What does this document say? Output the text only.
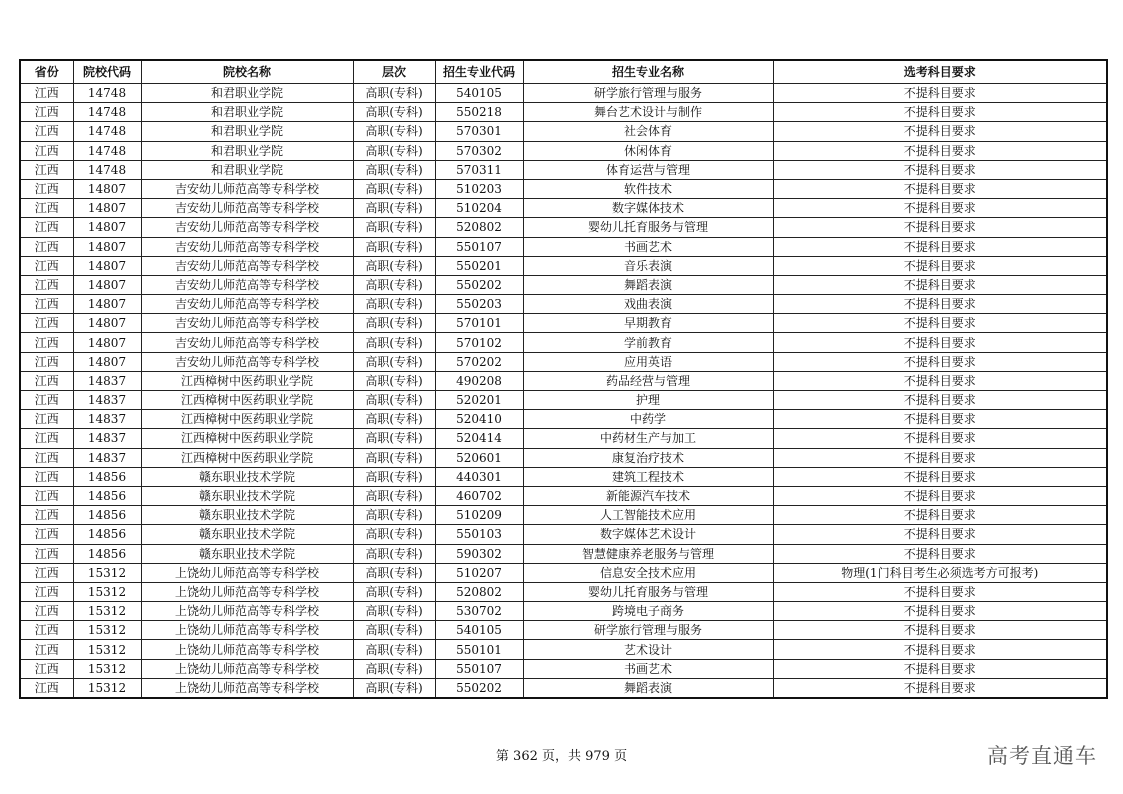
省份	院校代码	院校名称	层次	招生专业代码	招生专业名称	选考科目要求
江西	14748	和君职业学院	高职(专科)	540105	研学旅行管理与服务	不提科目要求
江西	14748	和君职业学院	高职(专科)	550218	舞台艺术设计与制作	不提科目要求
江西	14748	和君职业学院	高职(专科)	570301	社会体育	不提科目要求
江西	14748	和君职业学院	高职(专科)	570302	休闲体育	不提科目要求
江西	14748	和君职业学院	高职(专科)	570311	体育运营与管理	不提科目要求
江西	14807	吉安幼儿师范高等专科学校	高职(专科)	510203	软件技术	不提科目要求
江西	14807	吉安幼儿师范高等专科学校	高职(专科)	510204	数字媒体技术	不提科目要求
江西	14807	吉安幼儿师范高等专科学校	高职(专科)	520802	婴幼儿托育服务与管理	不提科目要求
江西	14807	吉安幼儿师范高等专科学校	高职(专科)	550107	书画艺术	不提科目要求
江西	14807	吉安幼儿师范高等专科学校	高职(专科)	550201	音乐表演	不提科目要求
江西	14807	吉安幼儿师范高等专科学校	高职(专科)	550202	舞蹈表演	不提科目要求
江西	14807	吉安幼儿师范高等专科学校	高职(专科)	550203	戏曲表演	不提科目要求
江西	14807	吉安幼儿师范高等专科学校	高职(专科)	570101	早期教育	不提科目要求
江西	14807	吉安幼儿师范高等专科学校	高职(专科)	570102	学前教育	不提科目要求
江西	14807	吉安幼儿师范高等专科学校	高职(专科)	570202	应用英语	不提科目要求
江西	14837	江西樟树中医药职业学院	高职(专科)	490208	药品经营与管理	不提科目要求
江西	14837	江西樟树中医药职业学院	高职(专科)	520201	护理	不提科目要求
江西	14837	江西樟树中医药职业学院	高职(专科)	520410	中药学	不提科目要求
江西	14837	江西樟树中医药职业学院	高职(专科)	520414	中药材生产与加工	不提科目要求
江西	14837	江西樟树中医药职业学院	高职(专科)	520601	康复治疗技术	不提科目要求
江西	14856	赣东职业技术学院	高职(专科)	440301	建筑工程技术	不提科目要求
江西	14856	赣东职业技术学院	高职(专科)	460702	新能源汽车技术	不提科目要求
江西	14856	赣东职业技术学院	高职(专科)	510209	人工智能技术应用	不提科目要求
江西	14856	赣东职业技术学院	高职(专科)	550103	数字媒体艺术设计	不提科目要求
江西	14856	赣东职业技术学院	高职(专科)	590302	智慧健康养老服务与管理	不提科目要求
江西	15312	上饶幼儿师范高等专科学校	高职(专科)	510207	信息安全技术应用	物理(1门科目考生必须选考方可报考)
江西	15312	上饶幼儿师范高等专科学校	高职(专科)	520802	婴幼儿托育服务与管理	不提科目要求
江西	15312	上饶幼儿师范高等专科学校	高职(专科)	530702	跨境电子商务	不提科目要求
江西	15312	上饶幼儿师范高等专科学校	高职(专科)	540105	研学旅行管理与服务	不提科目要求
江西	15312	上饶幼儿师范高等专科学校	高职(专科)	550101	艺术设计	不提科目要求
江西	15312	上饶幼儿师范高等专科学校	高职(专科)	550107	书画艺术	不提科目要求
江西	15312	上饶幼儿师范高等专科学校	高职(专科)	550202	舞蹈表演	不提科目要求
第 362 页，共 979 页	高考直通车
